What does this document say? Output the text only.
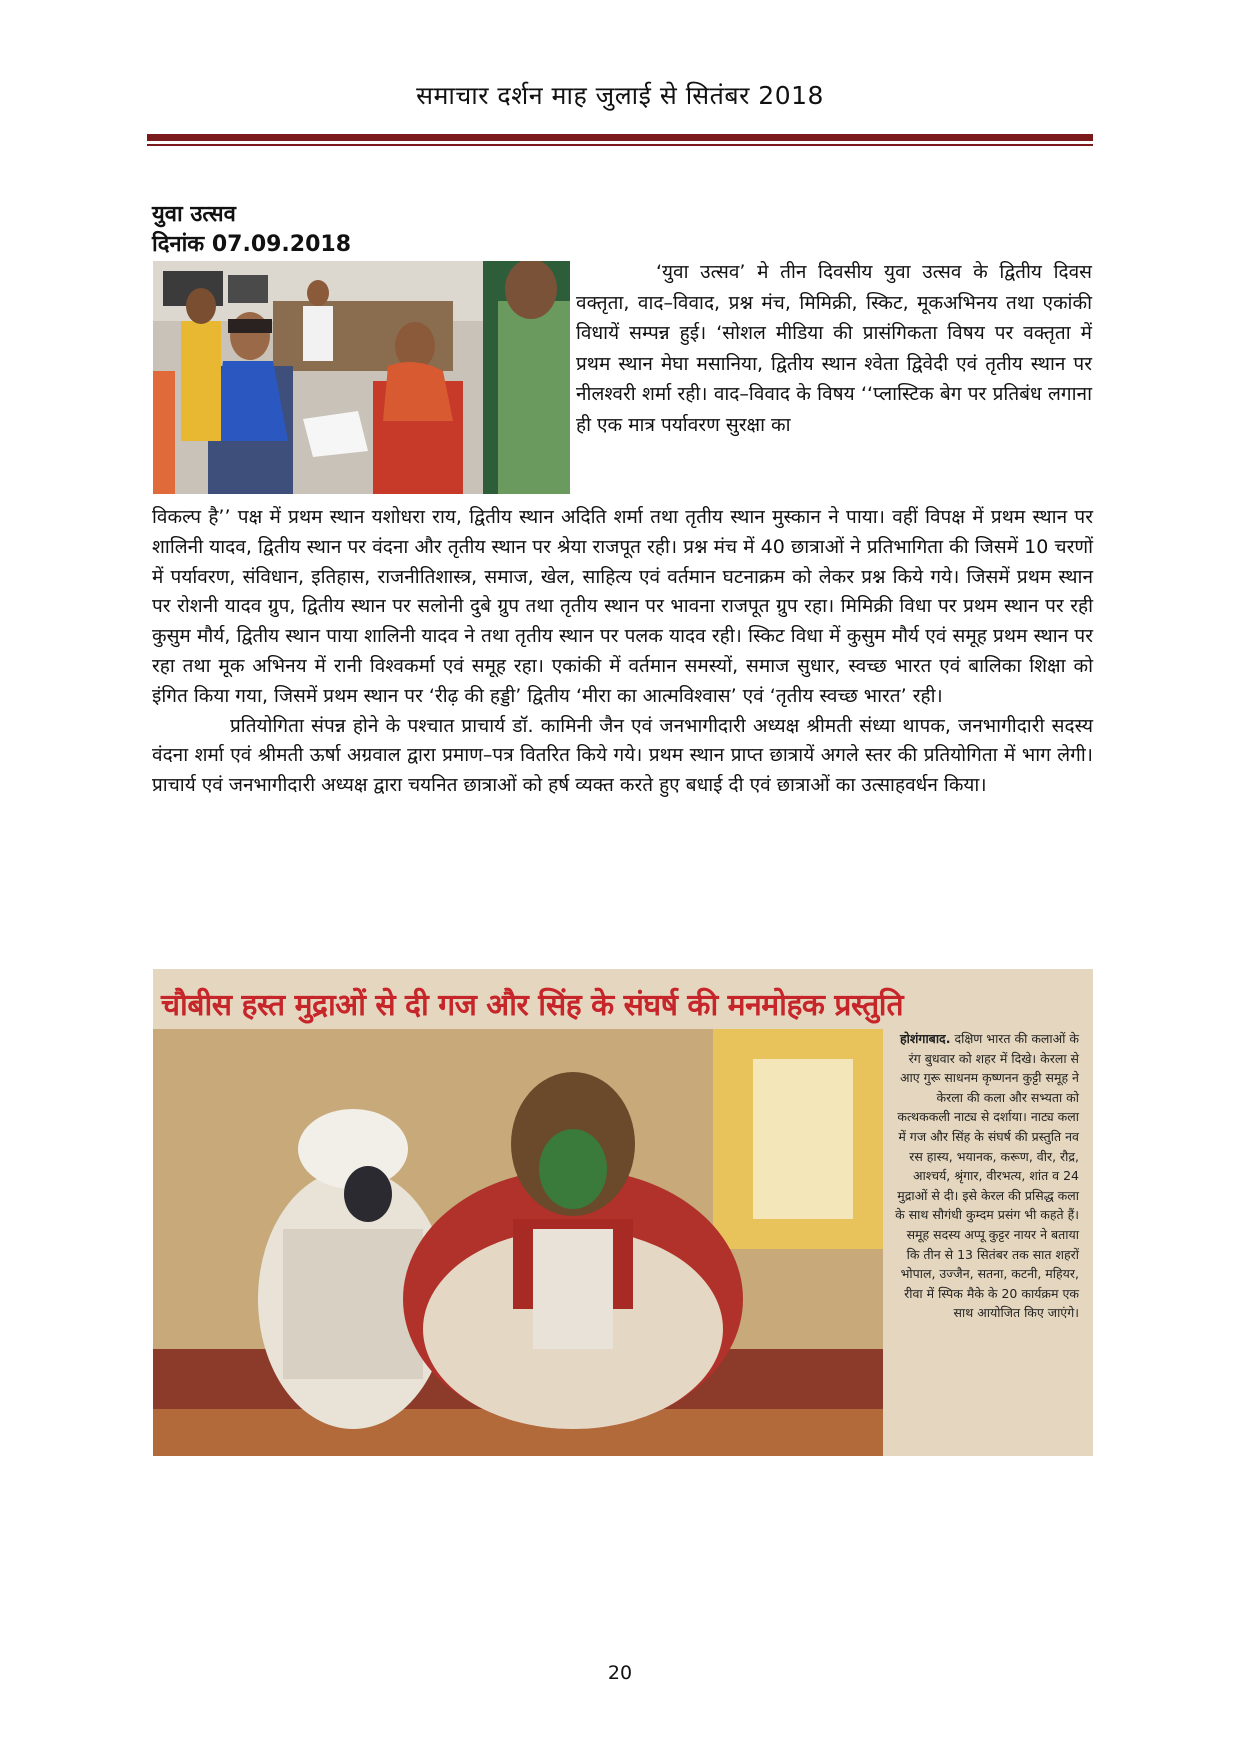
समाचार दर्शन माह जुलाई से सितंबर 2018
युवा उत्सव
दिनांक 07.09.2018

‘युवा उत्सव’ मे तीन दिवसीय युवा उत्सव के द्वितीय दिवस वक्तृता, वाद–विवाद, प्रश्न मंच, मिमिक्री, स्किट, मूकअभिनय तथा एकांकी विधायें सम्पन्न हुई। ‘सोशल मीडिया की प्रासंगिकता विषय पर वक्तृता में प्रथम स्थान मेघा मसानिया, द्वितीय स्थान श्वेता द्विवेदी एवं तृतीय स्थान पर नीलश्वरी शर्मा रही। वाद–विवाद के विषय ‘‘प्लास्टिक बेग पर प्रतिबंध लगाना ही एक मात्र पर्यावरण सुरक्षा का

विकल्प है’’ पक्ष में प्रथम स्थान यशोधरा राय, द्वितीय स्थान अदिति शर्मा तथा तृतीय स्थान मुस्कान ने पाया। वहीं विपक्ष में प्रथम स्थान पर शालिनी यादव, द्वितीय स्थान पर वंदना और तृतीय स्थान पर श्रेया राजपूत रही। प्रश्न मंच में 40 छात्राओं ने प्रतिभागिता की जिसमें 10 चरणों में पर्यावरण, संविधान, इतिहास, राजनीतिशास्त्र, समाज, खेल, साहित्य एवं वर्तमान घटनाक्रम को लेकर प्रश्न किये गये। जिसमें प्रथम स्थान पर रोशनी यादव ग्रुप, द्वितीय स्थान पर सलोनी दुबे ग्रुप तथा तृतीय स्थान पर भावना राजपूत ग्रुप रहा। मिमिक्री विधा पर प्रथम स्थान पर रही कुसुम मौर्य, द्वितीय स्थान पाया शालिनी यादव ने तथा तृतीय स्थान पर पलक यादव रही। स्किट विधा में कुसुम मौर्य एवं समूह प्रथम स्थान पर रहा तथा मूक अभिनय में रानी विश्वकर्मा एवं समूह रहा। एकांकी में वर्तमान समस्यों, समाज सुधार, स्वच्छ भारत एवं बालिका शिक्षा को इंगित किया गया, जिसमें प्रथम स्थान पर ‘रीढ़ की हड्डी’ द्वितीय ‘मीरा का आत्मविश्वास’ एवं ‘तृतीय स्वच्छ भारत’ रही।

प्रतियोगिता संपन्न होने के पश्चात प्राचार्य डॉ. कामिनी जैन एवं जनभागीदारी अध्यक्ष श्रीमती संध्या थापक, जनभागीदारी सदस्य वंदना शर्मा एवं श्रीमती ऊर्षा अग्रवाल द्वारा प्रमाण–पत्र वितरित किये गये। प्रथम स्थान प्राप्त छात्रायें अगले स्तर की प्रतियोगिता में भाग लेगी। प्राचार्य एवं जनभागीदारी अध्यक्ष द्वारा चयनित छात्राओं को हर्ष व्यक्त करते हुए बधाई दी एवं छात्राओं का उत्साहवर्धन किया।

चौबीस हस्त मुद्राओं से दी गज और सिंह के संघर्ष की मनमोहक प्रस्तुति
होशंगाबाद. दक्षिण भारत की कलाओं के रंग बुधवार को शहर में दिखे। केरला से आए गुरू साधनम कृष्णनन कुट्टी समूह ने केरला की कला और सभ्यता को कत्थककली नाट्य से दर्शाया। नाट्य कला में गज और सिंह के संघर्ष की प्रस्तुति नव रस हास्य, भयानक, करूण, वीर, रौद्र, आश्चर्य, श्रृंगार, वीरभत्य, शांत व 24 मुद्राओं से दी। इसे केरल की प्रसिद्ध कला के साथ सौगंधी कुम्दम प्रसंग भी कहते हैं। समूह सदस्य अप्पू कुट्टर नायर ने बताया कि तीन से 13 सितंबर तक सात शहरों भोपाल, उज्जैन, सतना, कटनी, महियर, रीवा में स्पिक मैके के 20 कार्यक्रम एक साथ आयोजित किए जाएंगे।
20
